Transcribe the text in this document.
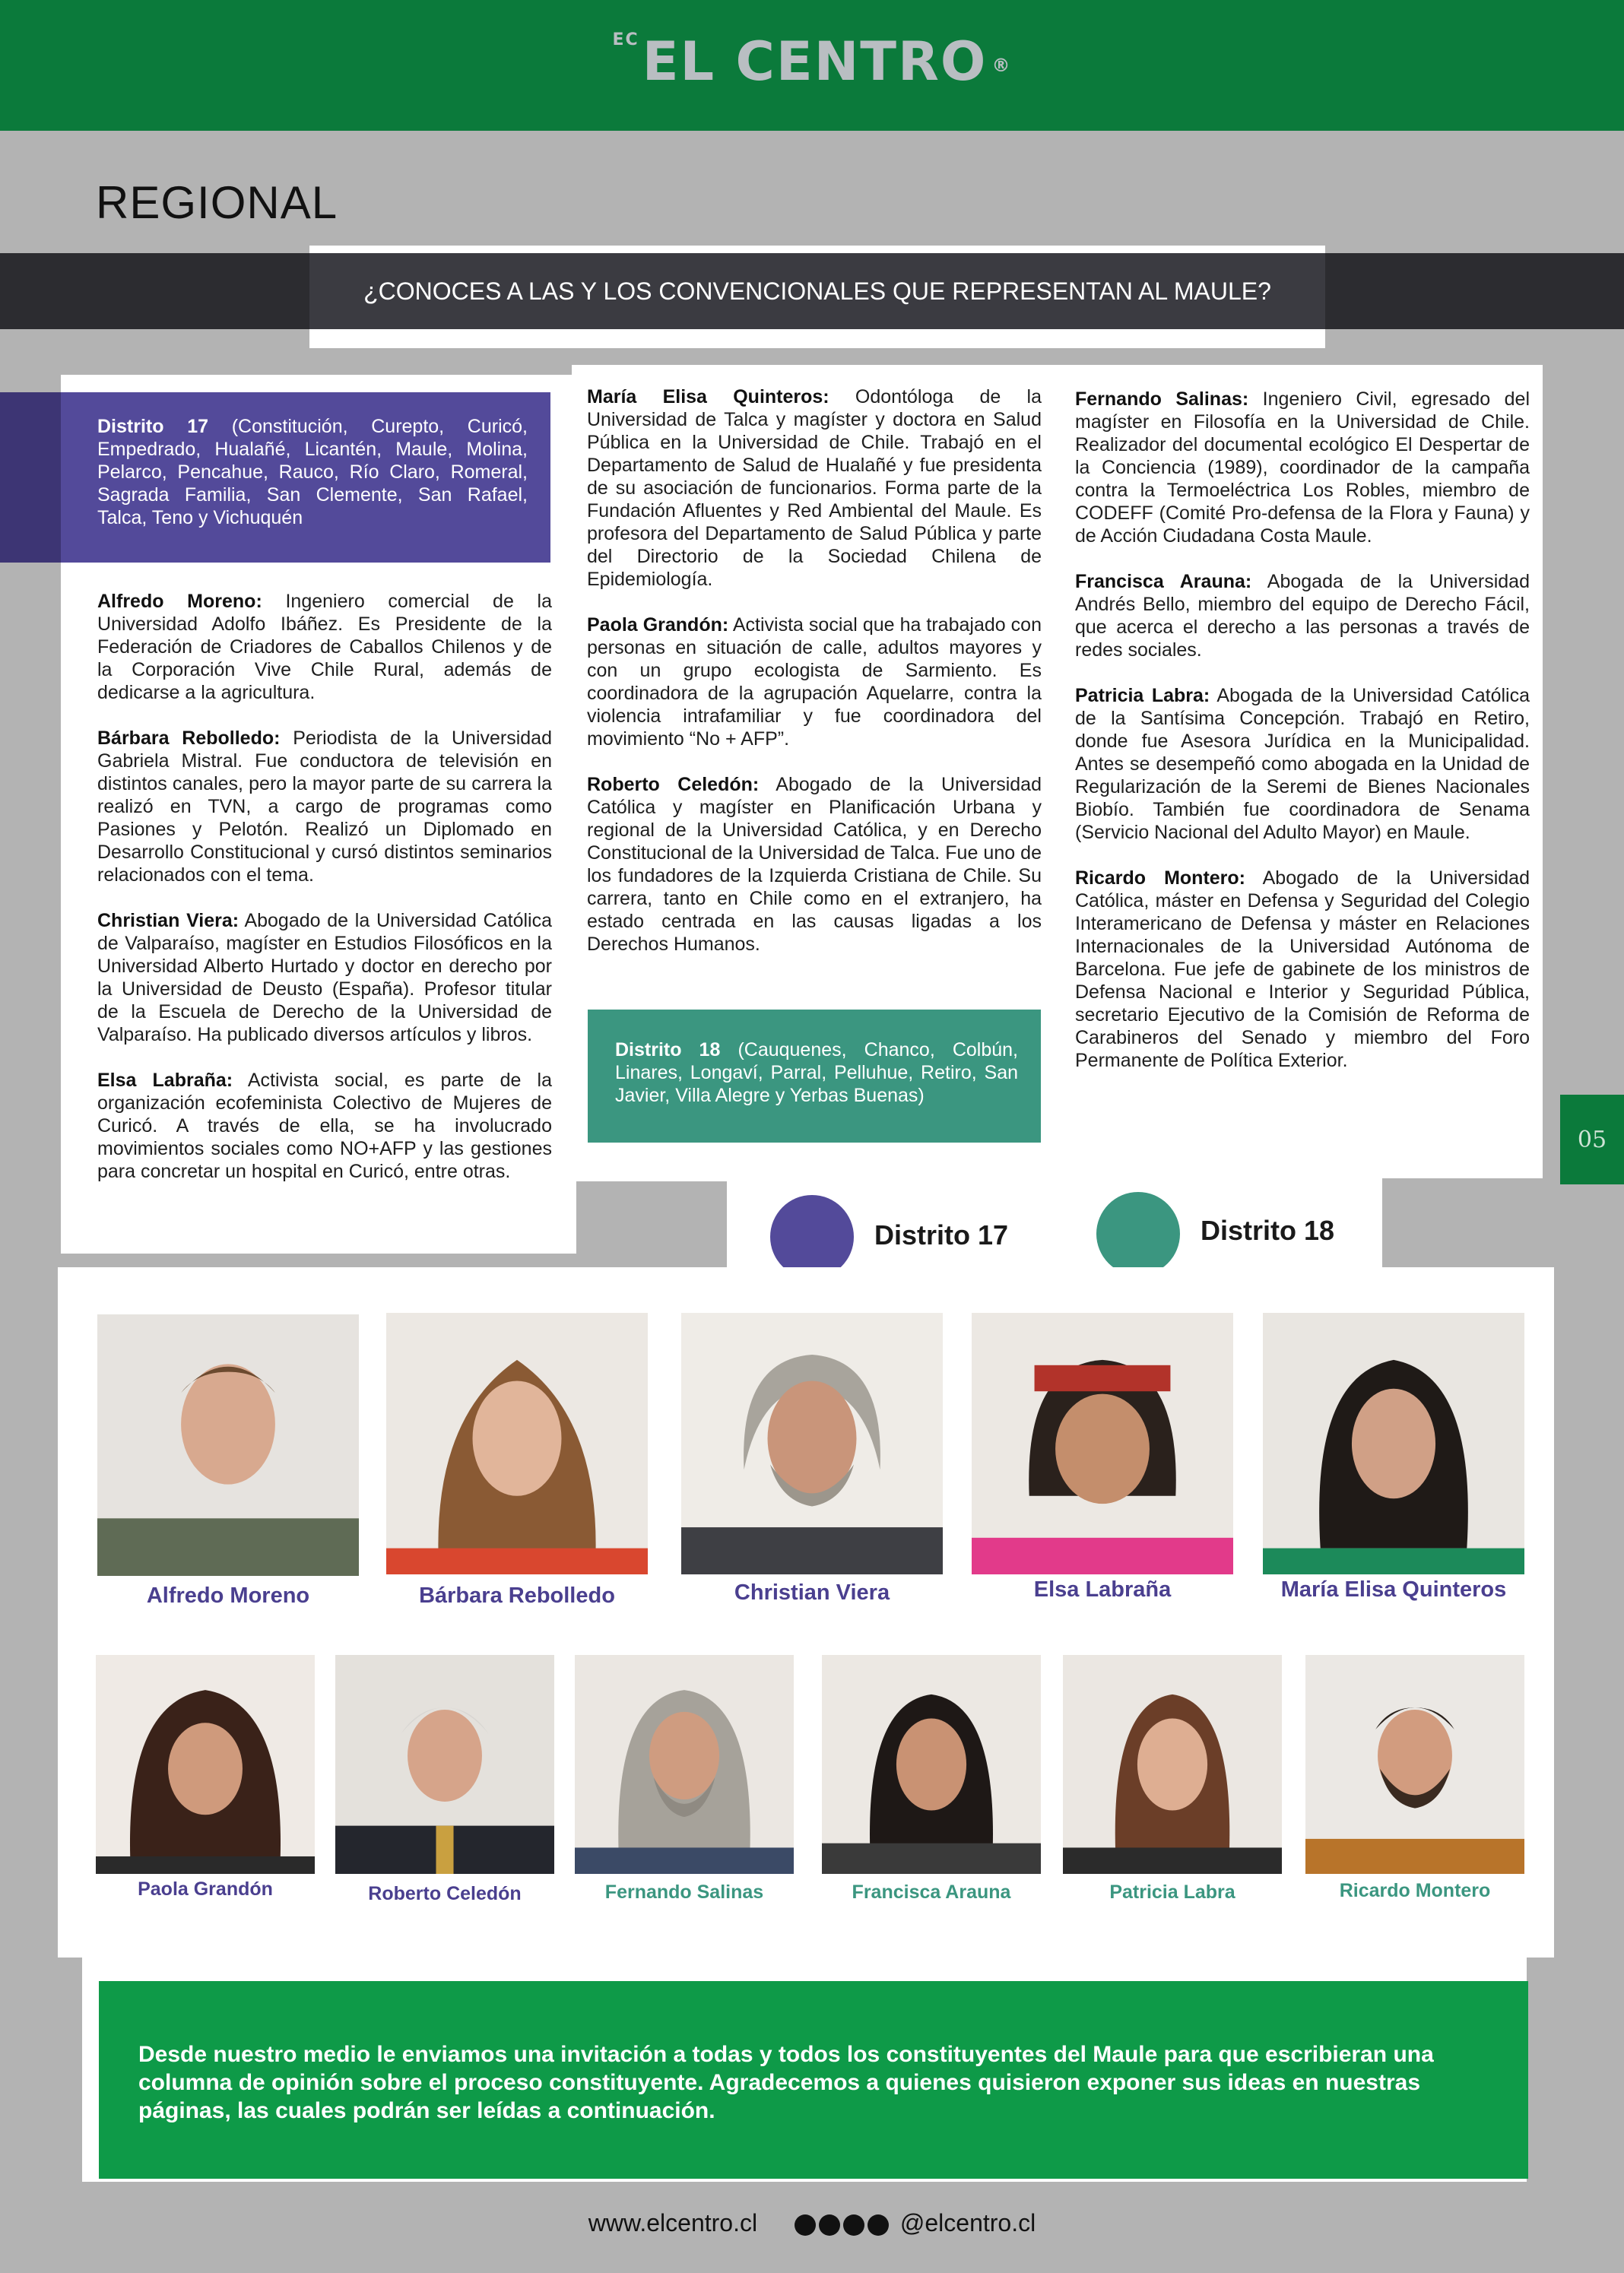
$^{EC}$EL CENTRO ®
REGIONAL
¿CONOCES A LAS Y LOS CONVENCIONALES QUE REPRESENTAN AL MAULE?
Distrito 17 (Constitución, Curepto, Curicó, Empedrado, Hualañé, Licantén, Maule, Molina, Pelarco, Pencahue, Rauco, Río Claro, Romeral, Sagrada Familia, San Clemente, San Rafael, Talca, Teno y Vichuquén

Alfredo Moreno: Ingeniero comercial de la Universidad Adolfo Ibáñez. Es Presidente de la Federación de Criadores de Caballos Chilenos y de la Corporación Vive Chile Rural, además de dedicarse a la agricultura.

Bárbara Rebolledo: Periodista de la Universidad Gabriela Mistral. Fue conductora de televisión en distintos canales, pero la mayor parte de su carrera la realizó en TVN, a cargo de programas como Pasiones y Pelotón. Realizó un Diplomado en Desarrollo Constitucional y cursó distintos seminarios relacionados con el tema.

Christian Viera: Abogado de la Universidad Católica de Valparaíso, magíster en Estudios Filosóficos en la Universidad Alberto Hurtado y doctor en derecho por la Universidad de Deusto (España). Profesor titular de la Escuela de Derecho de la Universidad de Valparaíso. Ha publicado diversos artículos y libros.

Elsa Labraña: Activista social, es parte de la organización ecofeminista Colectivo de Mujeres de Curicó. A través de ella, se ha involucrado movimientos sociales como NO+AFP y las gestiones para concretar un hospital en Curicó, entre otras.

María Elisa Quinteros: Odontóloga de la Universidad de Talca y magíster y doctora en Salud Pública en la Universidad de Chile. Trabajó en el Departamento de Salud de Hualañé y fue presidenta de su asociación de funcionarios. Forma parte de la Fundación Afluentes y Red Ambiental del Maule. Es profesora del Departamento de Salud Pública y parte del Directorio de la Sociedad Chilena de Epidemiología.

Paola Grandón: Activista social que ha trabajado con personas en situación de calle, adultos mayores y con un grupo ecologista de Sarmiento. Es coordinadora de la agrupación Aquelarre, contra la violencia intrafamiliar y fue coordinadora del movimiento “No + AFP”.

Roberto Celedón: Abogado de la Universidad Católica y magíster en Planificación Urbana y regional de la Universidad Católica, y en Derecho Constitucional de la Universidad de Talca. Fue uno de los fundadores de la Izquierda Cristiana de Chile. Su carrera, tanto en Chile como en el extranjero, ha estado centrada en las causas ligadas a los Derechos Humanos.

Distrito 18 (Cauquenes, Chanco, Colbún, Linares, Longaví, Parral, Pelluhue, Retiro, San Javier, Villa Alegre y Yerbas Buenas)

Fernando Salinas: Ingeniero Civil, egresado del magíster en Filosofía en la Universidad de Chile. Realizador del documental ecológico El Despertar de la Conciencia (1989), coordinador de la campaña contra la Termoeléctrica Los Robles, miembro de CODEFF (Comité Pro-defensa de la Flora y Fauna) y de Acción Ciudadana Costa Maule.

Francisca Arauna: Abogada de la Universidad Andrés Bello, miembro del equipo de Derecho Fácil, que acerca el derecho a las personas a través de redes sociales.

Patricia Labra: Abogada de la Universidad Católica de la Santísima Concepción. Trabajó en Retiro, donde fue Asesora Jurídica en la Municipalidad. Antes se desempeñó como abogada en la Unidad de Regularización de la Seremi de Bienes Nacionales Biobío. También fue coordinadora de Senama (Servicio Nacional del Adulto Mayor) en Maule.

Ricardo Montero: Abogado de la Universidad Católica, máster en Defensa y Seguridad del Colegio Interamericano de Defensa y máster en Relaciones Internacionales de la Universidad Autónoma de Barcelona. Fue jefe de gabinete de los ministros de Defensa Nacional e Interior y Seguridad Pública, secretario Ejecutivo de la Comisión de Reforma de Carabineros del Senado y miembro del Foro Permanente de Política Exterior.

05
Distrito 17	Distrito 18
Alfredo Moreno	Bárbara Rebolledo	Christian Viera	Elsa Labraña	María Elisa Quinteros
Paola Grandón	Roberto Celedón	Fernando Salinas	Francisca Arauna	Patricia Labra	Ricardo Montero
Desde nuestro medio le enviamos una invitación a todas y todos los constituyentes del Maule para que escribieran una columna de opinión sobre el proceso constituyente. Agradecemos a quienes quisieron exponer sus ideas en nuestras páginas, las cuales podrán ser leídas a continuación.
www.elcentro.cl	@elcentro.cl
